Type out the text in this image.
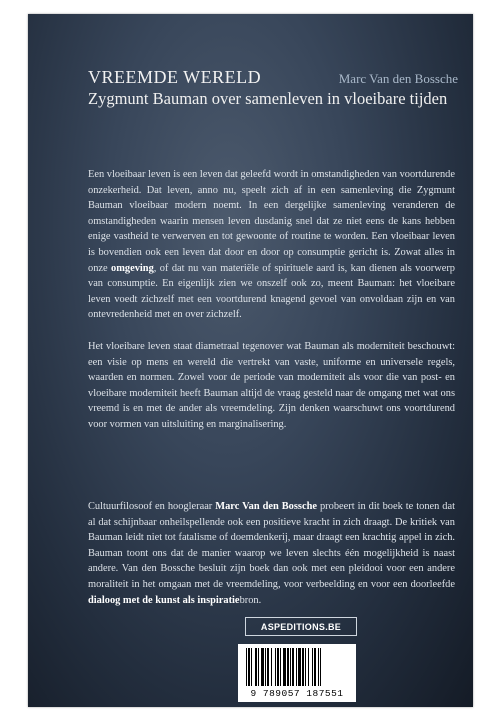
VREEMDE WERELD	Marc Van den Bossche
Zygmunt Bauman over samenleven in vloeibare tijden

Een vloeibaar leven is een leven dat geleefd wordt in omstandigheden van voortdurende onzekerheid. Dat leven, anno nu, speelt zich af in een samenleving die Zygmunt Bauman vloeibaar modern noemt. In een dergelijke samenleving veranderen de omstandigheden waarin mensen leven dusdanig snel dat ze niet eens de kans hebben enige vastheid te verwerven en tot gewoonte of routine te worden. Een vloeibaar leven is bovendien ook een leven dat door en door op consumptie gericht is. Zowat alles in onze omgeving, of dat nu van materiële of spirituele aard is, kan dienen als voorwerp van consumptie. En eigenlijk zien we onszelf ook zo, meent Bauman: het vloeibare leven voedt zichzelf met een voortdurend knagend gevoel van onvoldaan zijn en van ontevredenheid met en over zichzelf.

Het vloeibare leven staat diametraal tegenover wat Bauman als moderniteit beschouwt: een visie op mens en wereld die vertrekt van vaste, uniforme en universele regels, waarden en normen. Zowel voor de periode van moderniteit als voor die van post- en vloeibare moderniteit heeft Bauman altijd de vraag gesteld naar de omgang met wat ons vreemd is en met de ander als vreemdeling. Zijn denken waarschuwt ons voortdurend voor vormen van uitsluiting en marginalisering.

Cultuurfilosoof en hoogleraar Marc Van den Bossche probeert in dit boek te tonen dat al dat schijnbaar onheilspellende ook een positieve kracht in zich draagt. De kritiek van Bauman leidt niet tot fatalisme of doemdenkerij, maar draagt een krachtig appel in zich. Bauman toont ons dat de manier waarop we leven slechts één mogelijkheid is naast andere. Van den Bossche besluit zijn boek dan ook met een pleidooi voor een andere moraliteit in het omgaan met de vreemdeling, voor verbeelding en voor een doorleefde dialoog met de kunst als inspiratiebron.

ASPEDITIONS.BE
9 789057 187551
